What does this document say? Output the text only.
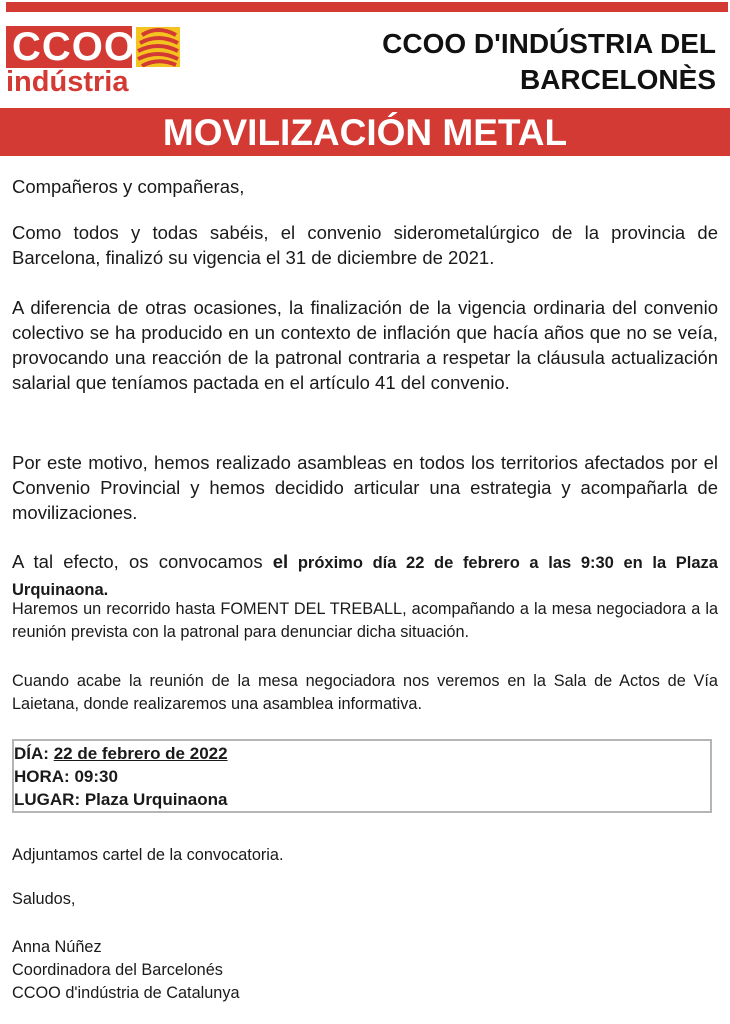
CCOO
indústria
CCOO D'INDÚSTRIA DEL
BARCELONÈS
MOVILIZACIÓN METAL
Compañeros y compañeras,
Como todos y todas sabéis, el convenio siderometalúrgico de la provincia de Barcelona, finalizó su vigencia el 31 de diciembre de 2021.
A diferencia de otras ocasiones, la finalización de la vigencia ordinaria del convenio colectivo se ha producido en un contexto de inflación que hacía años que no se veía, provocando una reacción de la patronal contraria a respetar la cláusula actualización salarial que teníamos pactada en el artículo 41 del convenio.
Por este motivo, hemos realizado asambleas en todos los territorios afectados por el Convenio Provincial y hemos decidido articular una estrategia y acompañarla de movilizaciones.
A tal efecto, os convocamos el próximo día 22 de febrero a las 9:30 en la Plaza Urquinaona.
Haremos un recorrido hasta FOMENT DEL TREBALL, acompañando a la mesa negociadora a la reunión prevista con la patronal para denunciar dicha situación.
Cuando acabe la reunión de la mesa negociadora nos veremos en la Sala de Actos de Vía Laietana, donde realizaremos una asamblea informativa.
DÍA: 22 de febrero de 2022
HORA: 09:30
LUGAR: Plaza Urquinaona
Adjuntamos cartel de la convocatoria.
Saludos,
Anna Núñez
Coordinadora del Barcelonés
CCOO d'indústria de Catalunya
